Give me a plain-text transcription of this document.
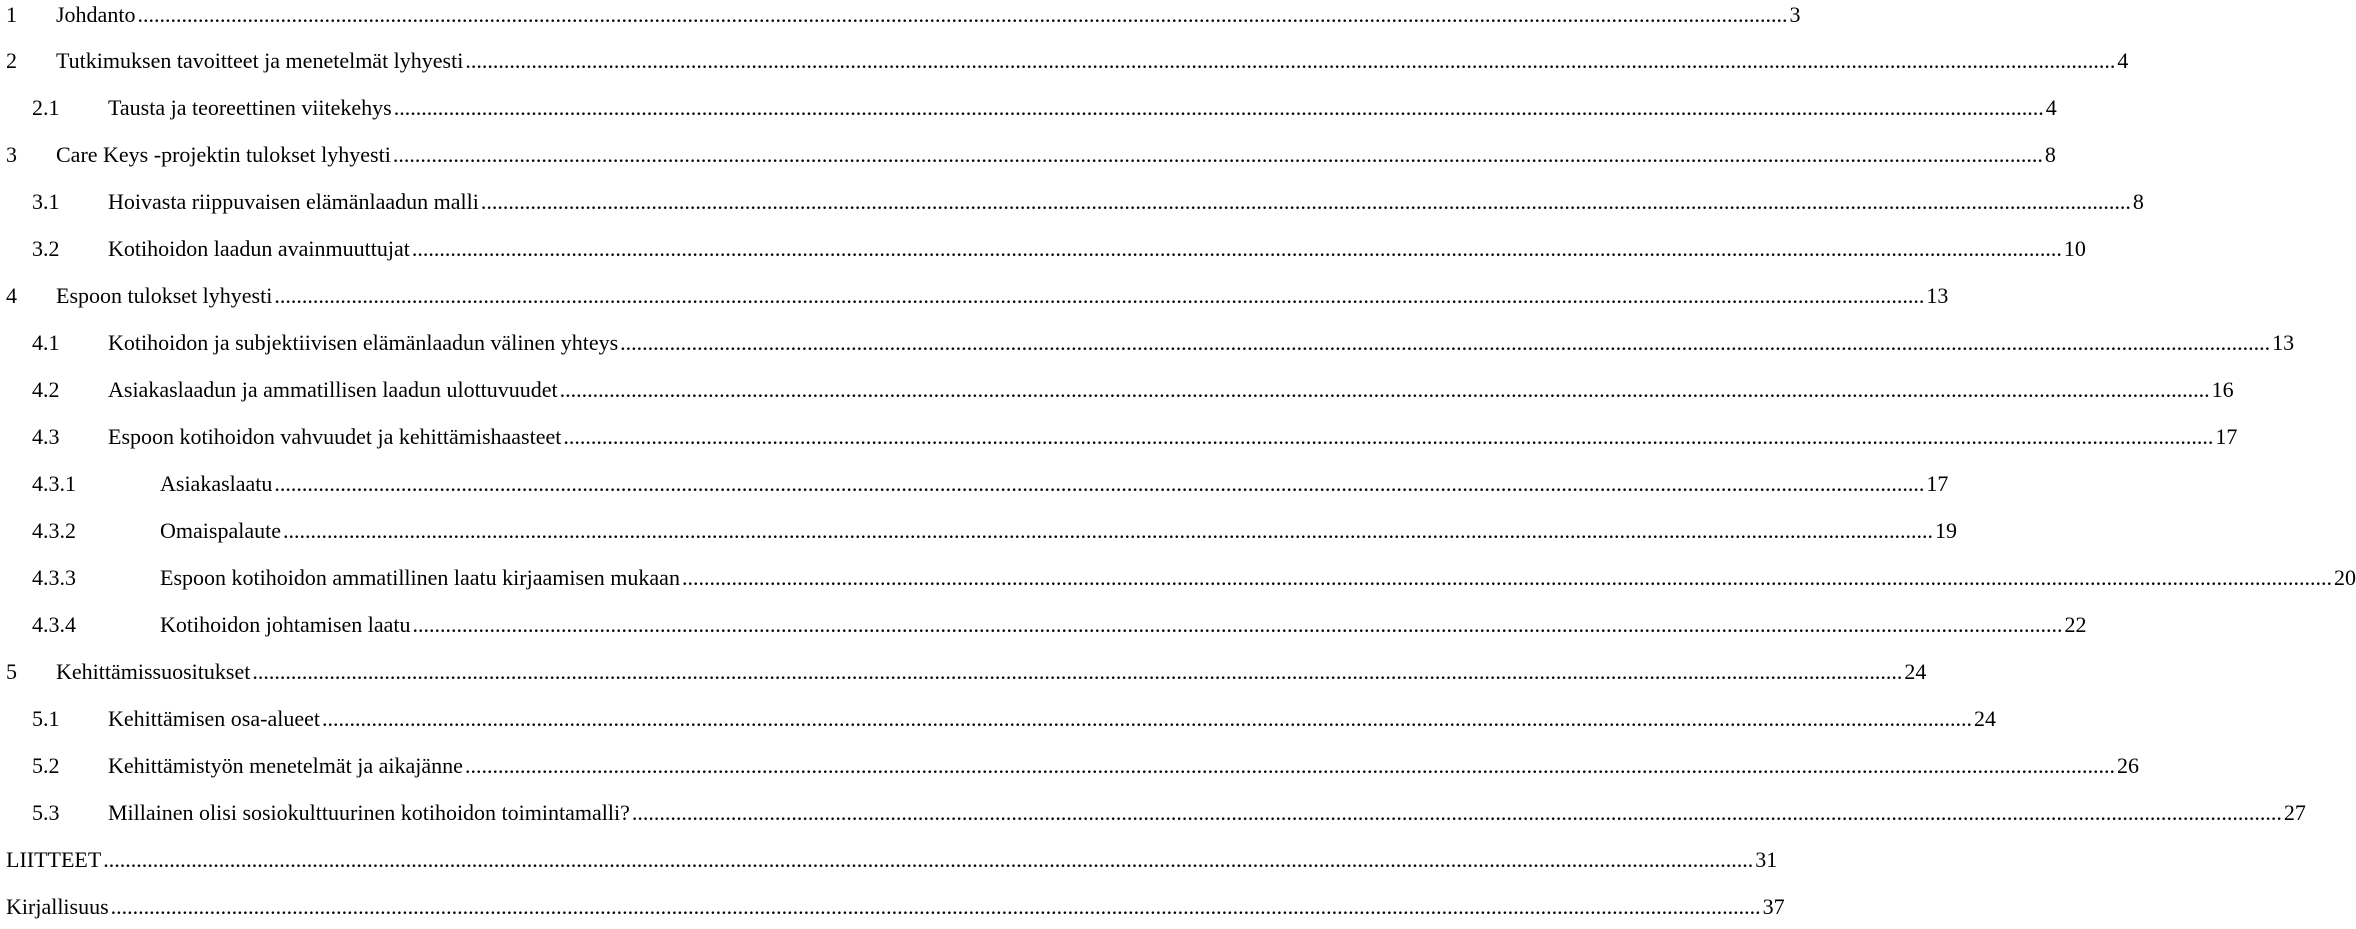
1 Johdanto ............................................................................................................................................................................................................................................................................................................ 3
2 Tutkimuksen tavoitteet ja menetelmät lyhyesti ............................................................................................................................................................................................................................................................................................................ 4
2.1 Tausta ja teoreettinen viitekehys ............................................................................................................................................................................................................................................................................................................ 4
3 Care Keys -projektin tulokset lyhyesti ............................................................................................................................................................................................................................................................................................................ 8
3.1 Hoivasta riippuvaisen elämänlaadun malli ............................................................................................................................................................................................................................................................................................................ 8
3.2 Kotihoidon laadun avainmuuttujat ............................................................................................................................................................................................................................................................................................................ 10
4 Espoon tulokset lyhyesti ............................................................................................................................................................................................................................................................................................................ 13
4.1 Kotihoidon ja subjektiivisen elämänlaadun välinen yhteys ............................................................................................................................................................................................................................................................................................................ 13
4.2 Asiakaslaadun ja ammatillisen laadun ulottuvuudet ............................................................................................................................................................................................................................................................................................................ 16
4.3 Espoon kotihoidon vahvuudet ja kehittämishaasteet ............................................................................................................................................................................................................................................................................................................ 17
4.3.1	Asiakaslaatu ............................................................................................................................................................................................................................................................................................................ 17
4.3.2	Omaispalaute ............................................................................................................................................................................................................................................................................................................ 19
4.3.3	Espoon kotihoidon ammatillinen laatu kirjaamisen mukaan ............................................................................................................................................................................................................................................................................................................ 20
4.3.4	Kotihoidon johtamisen laatu ............................................................................................................................................................................................................................................................................................................ 22
5 Kehittämissuositukset ............................................................................................................................................................................................................................................................................................................ 24
5.1 Kehittämisen osa-alueet ............................................................................................................................................................................................................................................................................................................ 24
5.2 Kehittämistyön menetelmät ja aikajänne ............................................................................................................................................................................................................................................................................................................ 26
5.3 Millainen olisi sosiokulttuurinen kotihoidon toimintamalli? ............................................................................................................................................................................................................................................................................................................ 27
LIITTEET ............................................................................................................................................................................................................................................................................................................ 31
Kirjallisuus ............................................................................................................................................................................................................................................................................................................ 37
